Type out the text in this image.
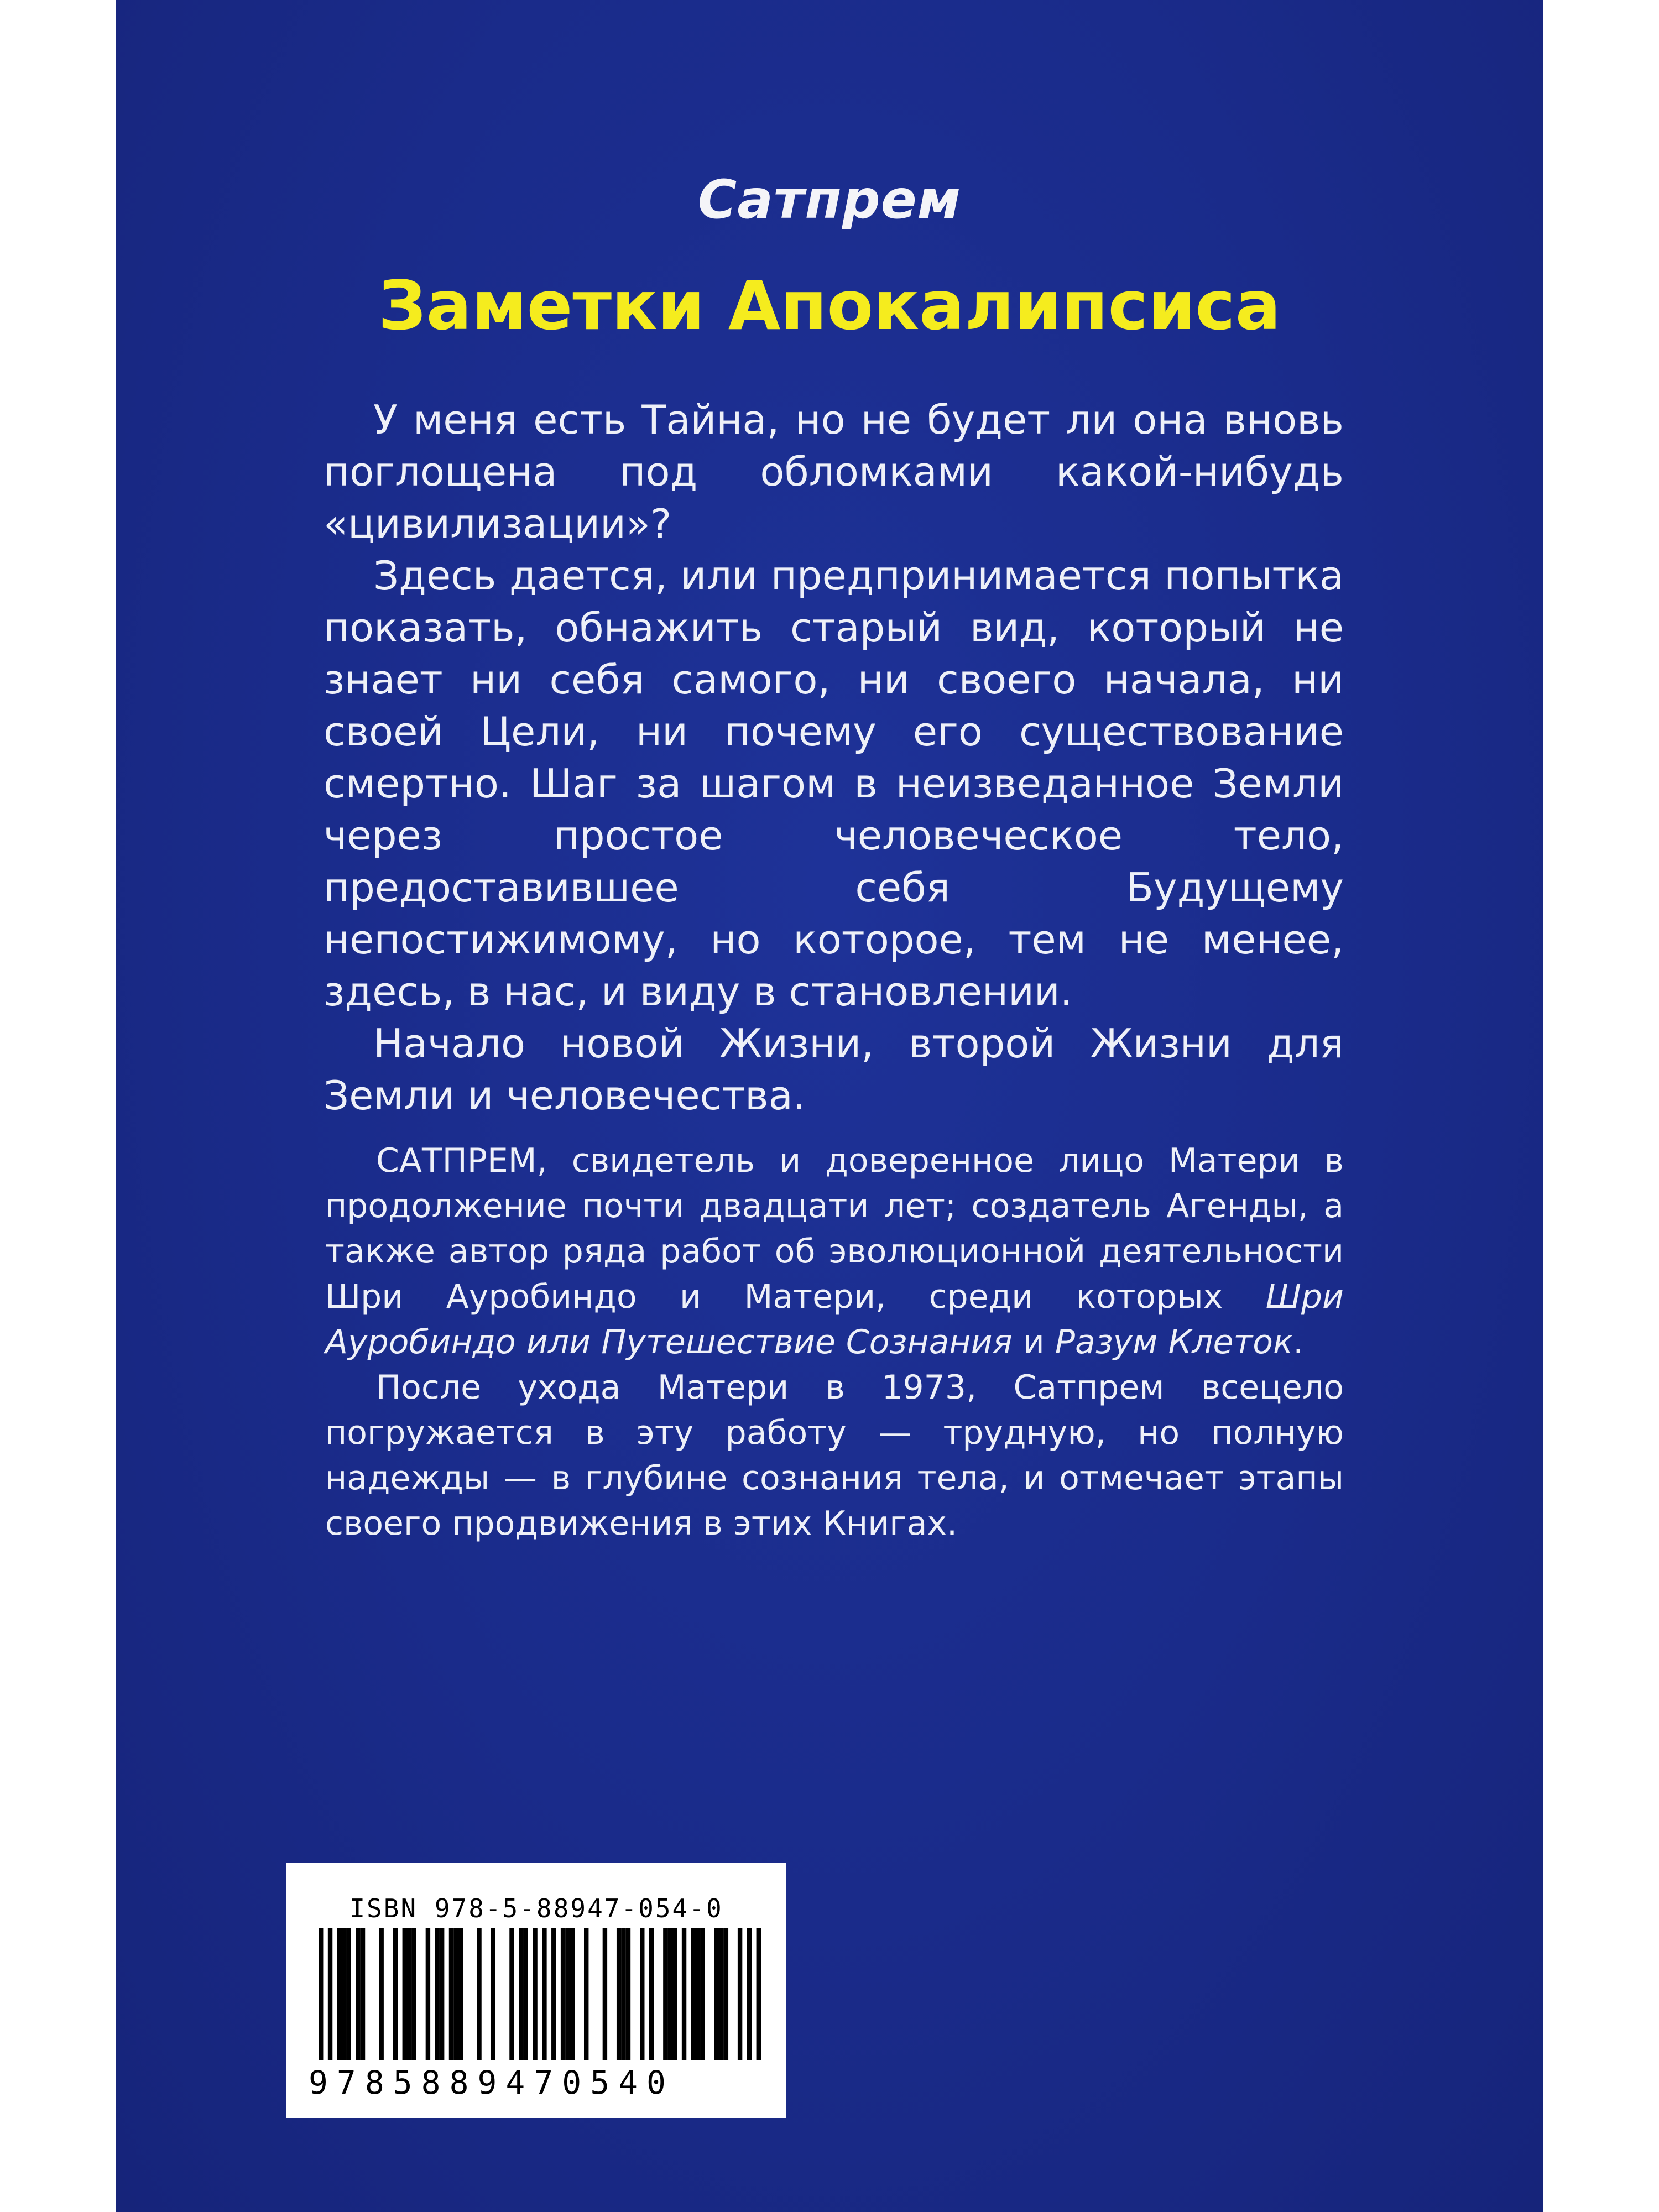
Сатпрем
Заметки Апокалипсиса

У меня есть Тайна, но не будет ли она вновь поглощена под обломками какой-нибудь «цивилизации»?

Здесь дается, или предпринимается попытка показать, обнажить старый вид, который не знает ни себя самого, ни своего начала, ни своей Цели, ни почему его существование смертно. Шаг за шагом в неизведанное Земли через простое человеческое тело, предоставившее себя Будущему непостижимому, но которое, тем не менее, здесь, в нас, и виду в становлении.

Начало новой Жизни, второй Жизни для Земли и человечества.

САТПРЕМ, свидетель и доверенное лицо Матери в продолжение почти двадцати лет; создатель Агенды, а также автор ряда работ об эволюционной деятельности Шри Ауробиндо и Матери, среди которых Шри Ауробиндо или Путешествие Сознания и Разум Клеток.

После ухода Матери в 1973, Сатпрем всецело погружается в эту работу — трудную, но полную надежды — в глубине сознания тела, и отмечает этапы своего продвижения в этих Книгах.

ISBN 978-5-88947-054-0
9785889470540
